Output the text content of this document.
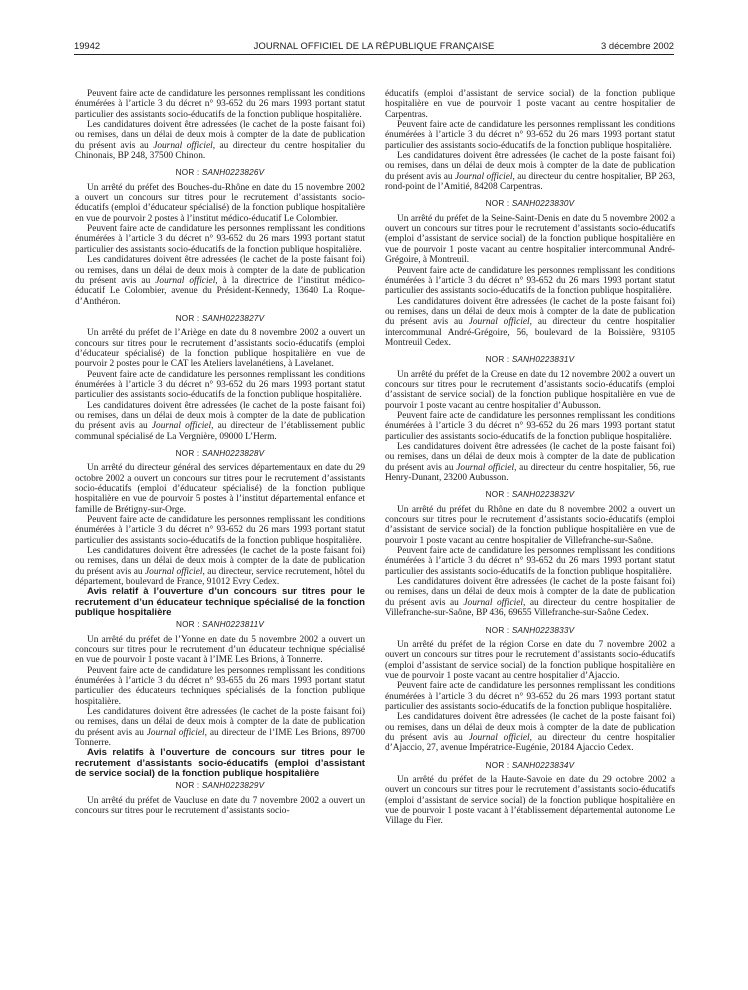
19942	JOURNAL OFFICIEL DE LA RÉPUBLIQUE FRANÇAISE	3 décembre 2002

Peuvent faire acte de candidature les personnes remplissant les conditions énumérées à l’article 3 du décret n° 93-652 du 26 mars 1993 portant statut particulier des assistants socio-éducatifs de la fonction publique hospitalière.

Les candidatures doivent être adressées (le cachet de la poste faisant foi) ou remises, dans un délai de deux mois à compter de la date de publication du présent avis au Journal officiel, au directeur du centre hospitalier du Chinonais, BP 248, 37500 Chinon.

NOR : SANH0223826V

Un arrêté du préfet des Bouches-du-Rhône en date du 15 novembre 2002 a ouvert un concours sur titres pour le recrutement d’assistants socio-éducatifs (emploi d’éducateur spécialisé) de la fonction publique hospitalière en vue de pourvoir 2 postes à l’institut médico-éducatif Le Colombier.

Peuvent faire acte de candidature les personnes remplissant les conditions énumérées à l’article 3 du décret n° 93-652 du 26 mars 1993 portant statut particulier des assistants socio-éducatifs de la fonction publique hospitalière.

Les candidatures doivent être adressées (le cachet de la poste faisant foi) ou remises, dans un délai de deux mois à compter de la date de publication du présent avis au Journal officiel, à la directrice de l’institut médico-éducatif Le Colombier, avenue du Président-Kennedy, 13640 La Roque-d’Anthéron.

NOR : SANH0223827V

Un arrêté du préfet de l’Ariège en date du 8 novembre 2002 a ouvert un concours sur titres pour le recrutement d’assistants socio-éducatifs (emploi d’éducateur spécialisé) de la fonction publique hospitalière en vue de pourvoir 2 postes pour le CAT les Ateliers lavelanétiens, à Lavelanet.

Peuvent faire acte de candidature les personnes remplissant les conditions énumérées à l’article 3 du décret n° 93-652 du 26 mars 1993 portant statut particulier des assistants socio-éducatifs de la fonction publique hospitalière.

Les candidatures doivent être adressées (le cachet de la poste faisant foi) ou remises, dans un délai de deux mois à compter de la date de publication du présent avis au Journal officiel, au directeur de l’établissement public communal spécialisé de La Vergnière, 09000 L’Herm.

NOR : SANH0223828V

Un arrêté du directeur général des services départementaux en date du 29 octobre 2002 a ouvert un concours sur titres pour le recrutement d’assistants socio-éducatifs (emploi d’éducateur spécialisé) de la fonction publique hospitalière en vue de pourvoir 5 postes à l’institut départemental enfance et famille de Brétigny-sur-Orge.

Peuvent faire acte de candidature les personnes remplissant les conditions énumérées à l’article 3 du décret n° 93-652 du 26 mars 1993 portant statut particulier des assistants socio-éducatifs de la fonction publique hospitalière.

Les candidatures doivent être adressées (le cachet de la poste faisant foi) ou remises, dans un délai de deux mois à compter de la date de publication du présent avis au Journal officiel, au directeur, service recrutement, hôtel du département, boulevard de France, 91012 Evry Cedex.

Avis relatif à l’ouverture d’un concours sur titres pour le recrutement d’un éducateur technique spécialisé de la fonction publique hospitalière

NOR : SANH0223811V

Un arrêté du préfet de l’Yonne en date du 5 novembre 2002 a ouvert un concours sur titres pour le recrutement d’un éducateur technique spécialisé en vue de pourvoir 1 poste vacant à l’IME Les Brions, à Tonnerre.

Peuvent faire acte de candidature les personnes remplissant les conditions énumérées à l’article 3 du décret n° 93-655 du 26 mars 1993 portant statut particulier des éducateurs techniques spécialisés de la fonction publique hospitalière.

Les candidatures doivent être adressées (le cachet de la poste faisant foi) ou remises, dans un délai de deux mois à compter de la date de publication du présent avis au Journal officiel, au directeur de l’IME Les Brions, 89700 Tonnerre.

Avis relatifs à l’ouverture de concours sur titres pour le recrutement d’assistants socio-éducatifs (emploi d’assistant de service social) de la fonction publique hospitalière

NOR : SANH0223829V

Un arrêté du préfet de Vaucluse en date du 7 novembre 2002 a ouvert un concours sur titres pour le recrutement d’assistants socio-

éducatifs (emploi d’assistant de service social) de la fonction publique hospitalière en vue de pourvoir 1 poste vacant au centre hospitalier de Carpentras.

Peuvent faire acte de candidature les personnes remplissant les conditions énumérées à l’article 3 du décret n° 93-652 du 26 mars 1993 portant statut particulier des assistants socio-éducatifs de la fonction publique hospitalière.

Les candidatures doivent être adressées (le cachet de la poste faisant foi) ou remises, dans un délai de deux mois à compter de la date de publication du présent avis au Journal officiel, au directeur du centre hospitalier, BP 263, rond-point de l’Amitié, 84208 Carpentras.

NOR : SANH0223830V

Un arrêté du préfet de la Seine-Saint-Denis en date du 5 novembre 2002 a ouvert un concours sur titres pour le recrutement d’assistants socio-éducatifs (emploi d’assistant de service social) de la fonction publique hospitalière en vue de pourvoir 1 poste vacant au centre hospitalier intercommunal André-Grégoire, à Montreuil.

Peuvent faire acte de candidature les personnes remplissant les conditions énumérées à l’article 3 du décret n° 93-652 du 26 mars 1993 portant statut particulier des assistants socio-éducatifs de la fonction publique hospitalière.

Les candidatures doivent être adressées (le cachet de la poste faisant foi) ou remises, dans un délai de deux mois à compter de la date de publication du présent avis au Journal officiel, au directeur du centre hospitalier intercommunal André-Grégoire, 56, boulevard de la Boissière, 93105 Montreuil Cedex.

NOR : SANH0223831V

Un arrêté du préfet de la Creuse en date du 12 novembre 2002 a ouvert un concours sur titres pour le recrutement d’assistants socio-éducatifs (emploi d’assistant de service social) de la fonction publique hospitalière en vue de pourvoir 1 poste vacant au centre hospitalier d’Aubusson.

Peuvent faire acte de candidature les personnes remplissant les conditions énumérées à l’article 3 du décret n° 93-652 du 26 mars 1993 portant statut particulier des assistants socio-éducatifs de la fonction publique hospitalière.

Les candidatures doivent être adressées (le cachet de la poste faisant foi) ou remises, dans un délai de deux mois à compter de la date de publication du présent avis au Journal officiel, au directeur du centre hospitalier, 56, rue Henry-Dunant, 23200 Aubusson.

NOR : SANH0223832V

Un arrêté du préfet du Rhône en date du 8 novembre 2002 a ouvert un concours sur titres pour le recrutement d’assistants socio-éducatifs (emploi d’assistant de service social) de la fonction publique hospitalière en vue de pourvoir 1 poste vacant au centre hospitalier de Villefranche-sur-Saône.

Peuvent faire acte de candidature les personnes remplissant les conditions énumérées à l’article 3 du décret n° 93-652 du 26 mars 1993 portant statut particulier des assistants socio-éducatifs de la fonction publique hospitalière.

Les candidatures doivent être adressées (le cachet de la poste faisant foi) ou remises, dans un délai de deux mois à compter de la date de publication du présent avis au Journal officiel, au directeur du centre hospitalier de Villefranche-sur-Saône, BP 436, 69655 Villefranche-sur-Saône Cedex.

NOR : SANH0223833V

Un arrêté du préfet de la région Corse en date du 7 novembre 2002 a ouvert un concours sur titres pour le recrutement d’assistants socio-éducatifs (emploi d’assistant de service social) de la fonction publique hospitalière en vue de pourvoir 1 poste vacant au centre hospitalier d’Ajaccio.

Peuvent faire acte de candidature les personnes remplissant les conditions énumérées à l’article 3 du décret n° 93-652 du 26 mars 1993 portant statut particulier des assistants socio-éducatifs de la fonction publique hospitalière.

Les candidatures doivent être adressées (le cachet de la poste faisant foi) ou remises, dans un délai de deux mois à compter de la date de publication du présent avis au Journal officiel, au directeur du centre hospitalier d’Ajaccio, 27, avenue Impératrice-Eugénie, 20184 Ajaccio Cedex.

NOR : SANH0223834V

Un arrêté du préfet de la Haute-Savoie en date du 29 octobre 2002 a ouvert un concours sur titres pour le recrutement d’assistants socio-éducatifs (emploi d’assistant de service social) de la fonction publique hospitalière en vue de pourvoir 1 poste vacant à l’établissement départemental autonome Le Village du Fier.
